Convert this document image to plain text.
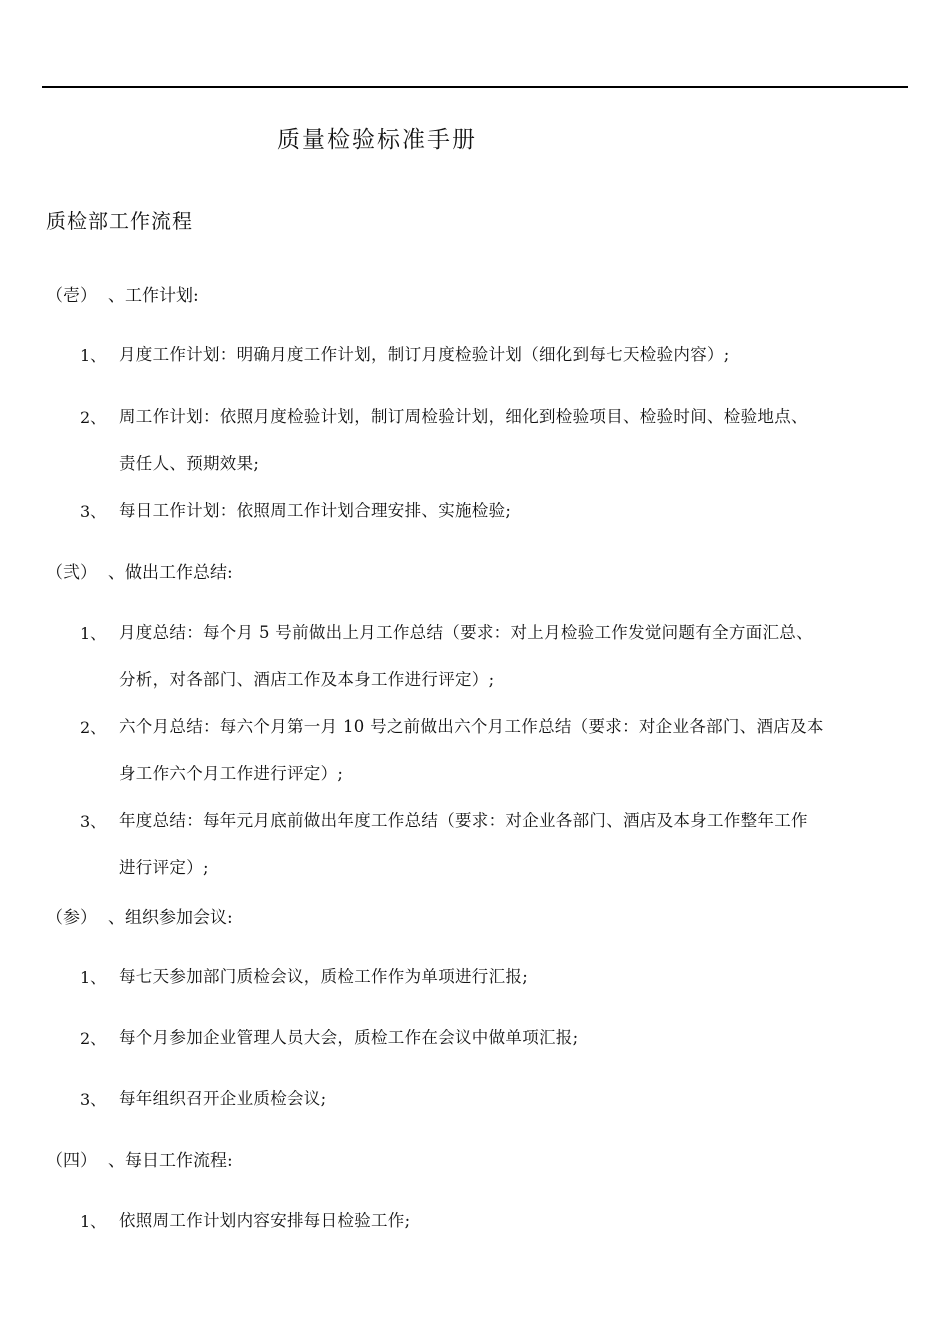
质量检验标准手册
质检部工作流程
（壱） 、工作计划:
1、 月度工作计划：明确月度工作计划，制订月度检验计划（细化到每七天检验内容）;
2、 周工作计划：依照月度检验计划，制订周检验计划，细化到检验项目、检验时间、检验地点、
责任人、预期效果;
3、 每日工作计划：依照周工作计划合理安排、实施检验;
（弐） 、做出工作总结:
1、 月度总结：每个月 5 号前做出上月工作总结（要求：对上月检验工作发觉问题有全方面汇总、
分析，对各部门、酒店工作及本身工作进行评定）;
2、 六个月总结：每六个月第一月 10 号之前做出六个月工作总结（要求：对企业各部门、酒店及本
身工作六个月工作进行评定）;
3、 年度总结：每年元月底前做出年度工作总结（要求：对企业各部门、酒店及本身工作整年工作
进行评定）;
（参） 、组织参加会议:
1、 每七天参加部门质检会议，质检工作作为单项进行汇报;
2、 每个月参加企业管理人员大会，质检工作在会议中做单项汇报;
3、 每年组织召开企业质检会议;
（四） 、每日工作流程:
1、 依照周工作计划内容安排每日检验工作;
